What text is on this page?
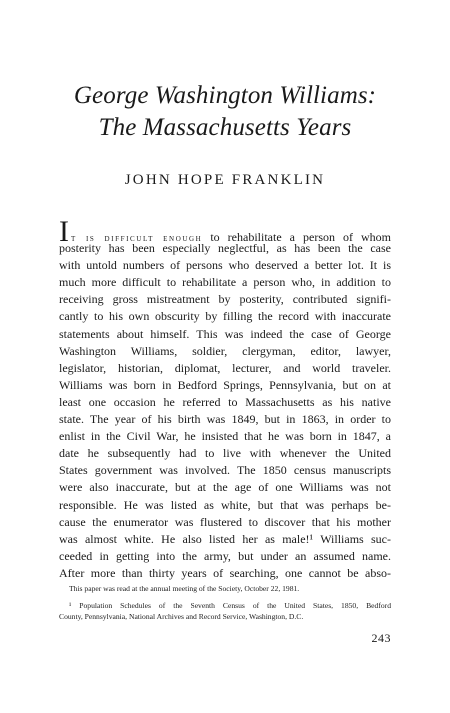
George Washington Williams:
The Massachusetts Years
JOHN HOPE FRANKLIN
It is difficult enough to rehabilitate a person of whom
posterity has been especially neglectful, as has been the case
with untold numbers of persons who deserved a better lot. It is
much more difficult to rehabilitate a person who, in addition to
receiving gross mistreatment by posterity, contributed signifi-
cantly to his own obscurity by filling the record with inaccurate
statements about himself. This was indeed the case of George
Washington Williams, soldier, clergyman, editor, lawyer,
legislator, historian, diplomat, lecturer, and world traveler.
Williams was born in Bedford Springs, Pennsylvania, but on at
least one occasion he referred to Massachusetts as his native
state. The year of his birth was 1849, but in 1863, in order to
enlist in the Civil War, he insisted that he was born in 1847, a
date he subsequently had to live with whenever the United
States government was involved. The 1850 census manuscripts
were also inaccurate, but at the age of one Williams was not
responsible. He was listed as white, but that was perhaps be-
cause the enumerator was flustered to discover that his mother
was almost white. He also listed her as male!¹ Williams suc-
ceeded in getting into the army, but under an assumed name.
After more than thirty years of searching, one cannot be abso-
This paper was read at the annual meeting of the Society, October 22, 1981.
¹ Population Schedules of the Seventh Census of the United States, 1850, Bedford
County, Pennsylvania, National Archives and Record Service, Washington, D.C.
243
